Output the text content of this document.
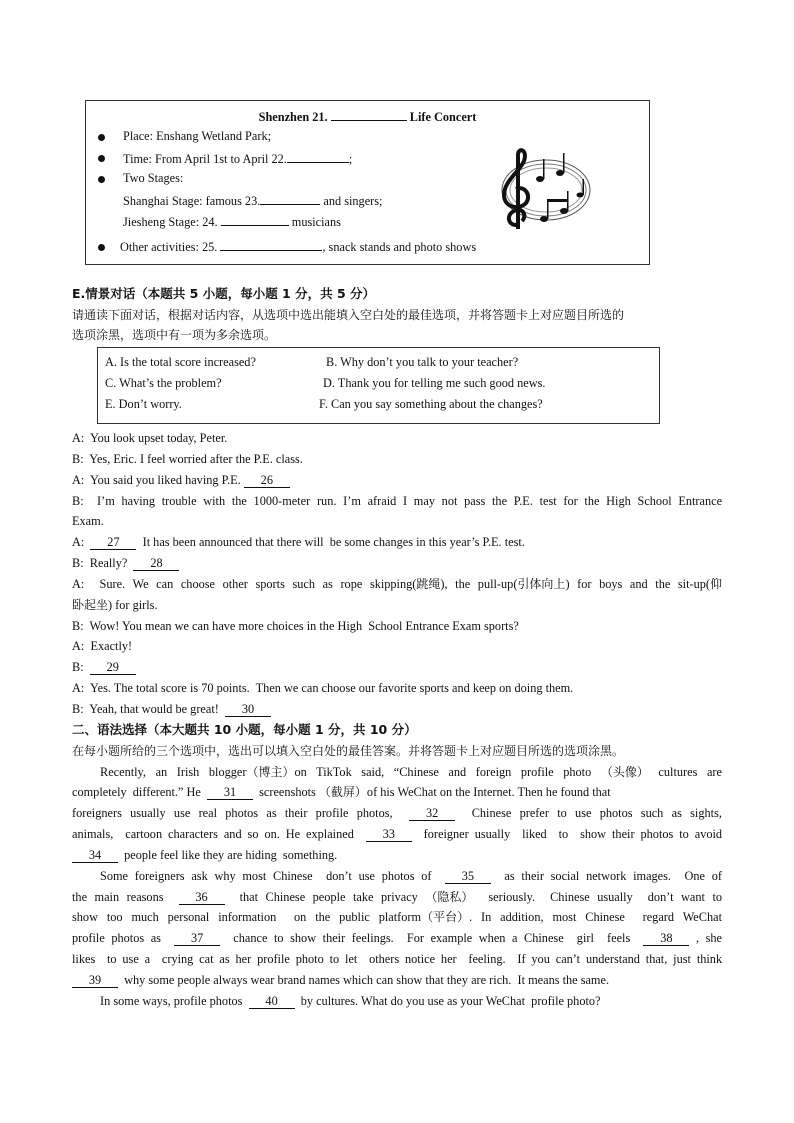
Shenzhen 21.	Life Concert
Place: Enshang Wetland Park;
Time: From April 1st to April 22.	;
Two Stages:
Shanghai Stage: famous 23.	and singers;
Jiesheng Stage: 24.	musicians
Other activities: 25.	, snack stands and photo shows
E.情景对话（本题共 5 小题，每小题 1 分，共 5 分）
请通读下面对话，根据对话内容，从选项中选出能填入空白处的最佳选项，并将答题卡上对应题目所选的
选项涂黑，选项中有一项为多余选项。
A. Is the total score increased?	B. Why don’t you talk to your teacher?
C. What’s the problem?	D. Thank you for telling me such good news.
E. Don’t worry.	F. Can you say something about the changes?
A:  You look upset today, Peter.
B:  Yes, Eric. I feel worried after the P.E. class.
A:  You said you liked having P.E. 26
B:  I’m having trouble with the 1000-meter run. I’m afraid I may not pass the P.E. test for the High School Entrance
Exam.
A:  27  It has been announced that there will  be some changes in this year’s P.E. test.
B:  Really?  28
A:  Sure. We can choose other sports such as rope skipping(跳绳), the pull-up(引体向上) for boys and the sit-up(仰
卧起坐) for girls.
B:  Wow! You mean we can have more choices in the High  School Entrance Exam sports?
A:  Exactly!
B:  29
A:  Yes. The total score is 70 points.  Then we can choose our favorite sports and keep on doing them.
B:  Yeah, that would be great!  30
二、语法选择（本大题共 10 小题，每小题 1 分，共 10 分）
在每小题所给的三个选项中，选出可以填入空白处的最佳答案。并将答题卡上对应题目所选的选项涂黑。
Recently, an Irish blogger（博主）on TikTok said, “Chinese and foreign profile photo （头像） cultures are
completely  different.” He  31  screenshots （截屏）of his WeChat on the Internet. Then he found that
foreigners usually use real photos as their profile photos,  32  Chinese prefer to use photos such as sights,
animals,  cartoon characters and so on. He explained  33  foreigner usually  liked  to  show their photos to avoid
34  people feel like they are hiding  something.
Some foreigners ask why most Chinese  don’t use photos of  35  as their social network images.  One of
the main reasons  36  that Chinese people take privacy （隐私）  seriously.  Chinese usually  don’t want to
show too much personal information  on the public platform（平台）. In addition, most Chinese  regard WeChat
profile photos as  37  chance to show their feelings.  For example when a Chinese  girl  feels  38 , she
likes  to use a  crying cat as her profile photo to let  others notice her  feeling.  If you can’t understand that, just think
39  why some people always wear brand names which can show that they are rich.  It means the same.
In some ways, profile photos  40  by cultures. What do you use as your WeChat  profile photo?
